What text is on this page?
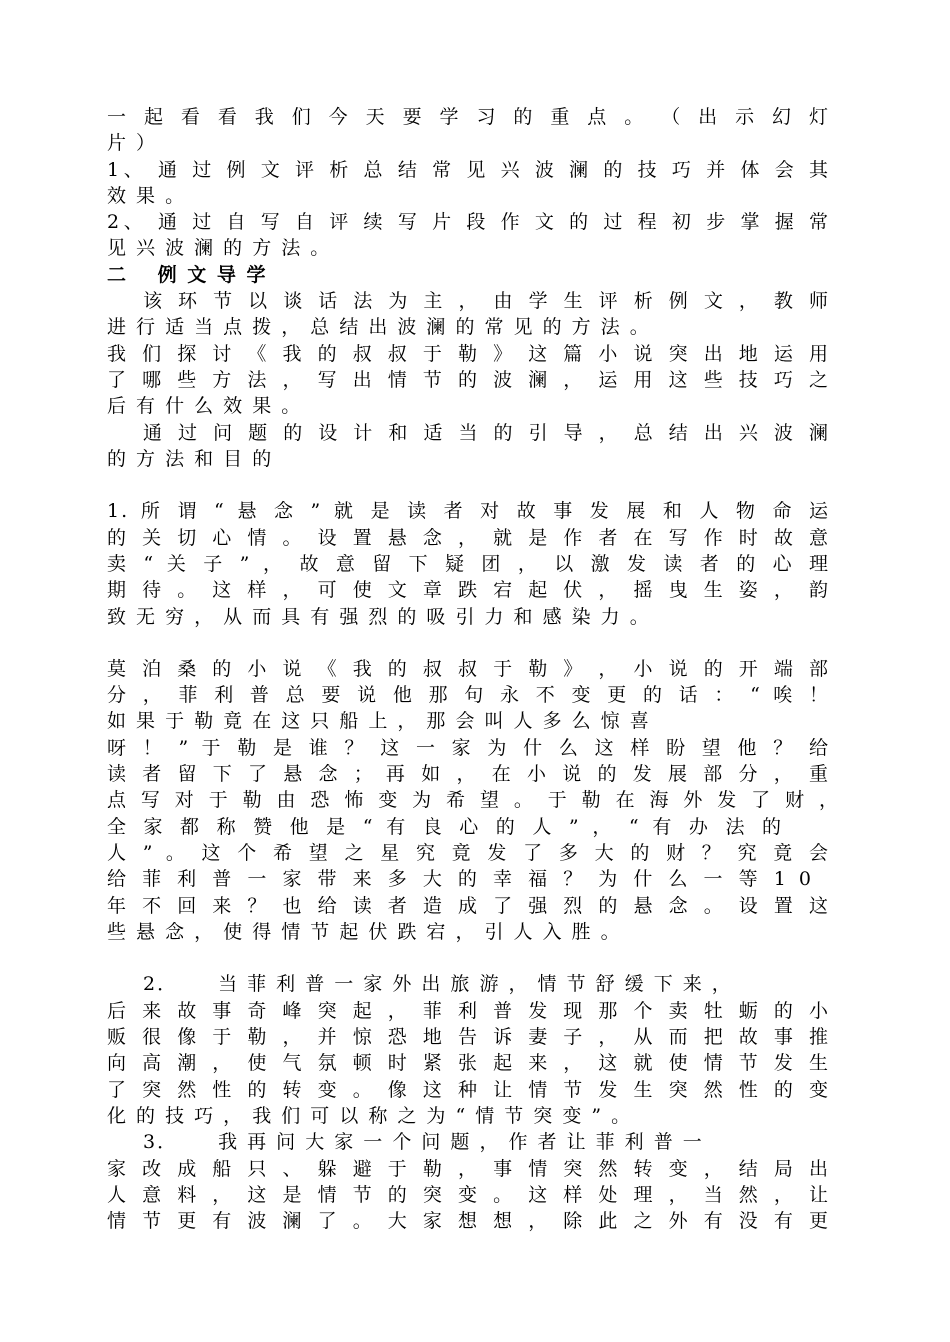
一 起 看 看 我 们 今 天 要 学 习 的 重 点 。 （ 出 示 幻 灯
片 ）
1、 通 过 例 文 评 析 总 结 常 见 兴 波 澜 的 技 巧 并 体 会 其
效 果 。
2、 通 过 自 写 自 评 续 写 片 段 作 文 的 过 程 初 步 掌 握 常
见 兴 波 澜 的 方 法 。
二　 例 文 导 学
该 环 节 以 谈 话 法 为 主 ， 由 学 生 评 析 例 文 ， 教 师
进 行 适 当 点 拨 ， 总 结 出 波 澜 的 常 见 的 方 法 。
我 们 探 讨 《 我 的 叔 叔 于 勒 》 这 篇 小 说 突 出 地 运 用
了 哪 些 方 法 ， 写 出 情 节 的 波 澜 ， 运 用 这 些 技 巧 之
后 有 什 么 效 果 。
通 过 问 题 的 设 计 和 适 当 的 引 导 ， 总 结 出 兴 波 澜
的 方 法 和 目 的
1. 所 谓 “ 悬 念 ” 就 是 读 者 对 故 事 发 展 和 人 物 命 运
的 关 切 心 情 。 设 置 悬 念 ， 就 是 作 者 在 写 作 时 故 意
卖 “ 关 子 ” ， 故 意 留 下 疑 团 ， 以 激 发 读 者 的 心 理
期 待 。 这 样 ， 可 使 文 章 跌 宕 起 伏 ， 摇 曳 生 姿 ， 韵
致 无 穷 ， 从 而 具 有 强 烈 的 吸 引 力 和 感 染 力 。
莫 泊 桑 的 小 说 《 我 的 叔 叔 于 勒 》 ， 小 说 的 开 端 部
分 ， 菲 利 普 总 要 说 他 那 句 永 不 变 更 的 话 ： “ 唉 ！
如 果 于 勒 竟 在 这 只 船 上 ， 那 会 叫 人 多 么 惊 喜
呀 ！ ” 于 勒 是 谁 ？ 这 一 家 为 什 么 这 样 盼 望 他 ？ 给
读 者 留 下 了 悬 念 ； 再 如 ， 在 小 说 的 发 展 部 分 ， 重
点 写 对 于 勒 由 恐 怖 变 为 希 望 。 于 勒 在 海 外 发 了 财 ，
全 家 都 称 赞 他 是 “ 有 良 心 的 人 ” ， “ 有 办 法 的
人 ” 。 这 个 希 望 之 星 究 竟 发 了 多 大 的 财 ？ 究 竟 会
给 菲 利 普 一 家 带 来 多 大 的 幸 福 ？ 为 什 么 一 等 1 0
年 不 回 来 ？ 也 给 读 者 造 成 了 强 烈 的 悬 念 。 设 置 这
些 悬 念 ， 使 得 情 节 起 伏 跌 宕 ， 引 人 入 胜 。
2． 当 菲 利 普 一 家 外 出 旅 游 ， 情 节 舒 缓 下 来 ，
后 来 故 事 奇 峰 突 起 ， 菲 利 普 发 现 那 个 卖 牡 蛎 的 小
贩 很 像 于 勒 ， 并 惊 恐 地 告 诉 妻 子 ， 从 而 把 故 事 推
向 高 潮 ， 使 气 氛 顿 时 紧 张 起 来 ， 这 就 使 情 节 发 生
了 突 然 性 的 转 变 。 像 这 种 让 情 节 发 生 突 然 性 的 变
化 的 技 巧 ， 我 们 可 以 称 之 为 “ 情 节 突 变 ” 。
3． 我 再 问 大 家 一 个 问 题 ， 作 者 让 菲 利 普 一
家 改 成 船 只 、 躲 避 于 勒 ， 事 情 突 然 转 变 ， 结 局 出
人 意 料 ， 这 是 情 节 的 突 变 。 这 样 处 理 ， 当 然 ， 让
情 节 更 有 波 澜 了 。 大 家 想 想 ， 除 此 之 外 有 没 有 更
